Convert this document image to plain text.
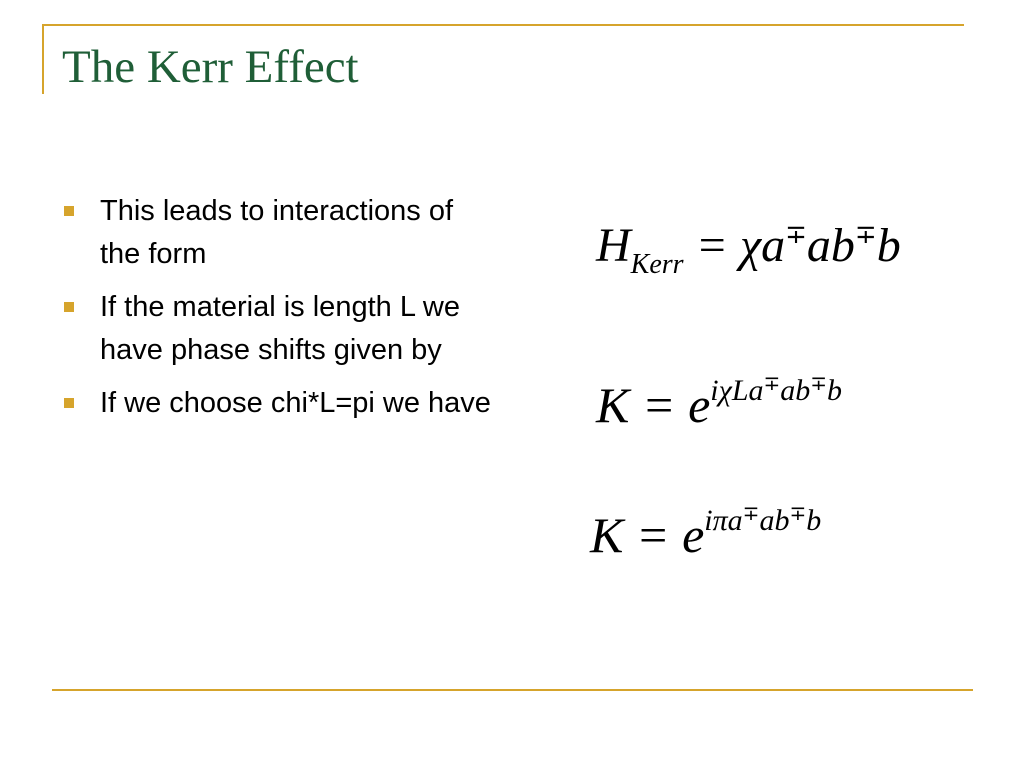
The Kerr Effect
This leads to interactions of the form
If the material is length L we have phase shifts given by
If we choose chi*L=pi we have
$H_{Kerr} = \chi a^\mp ab^\mp b$
$K = e^{i\chi La^\mp ab^\mp b}$
$K = e^{i\pi a^\mp ab^\mp b}$
